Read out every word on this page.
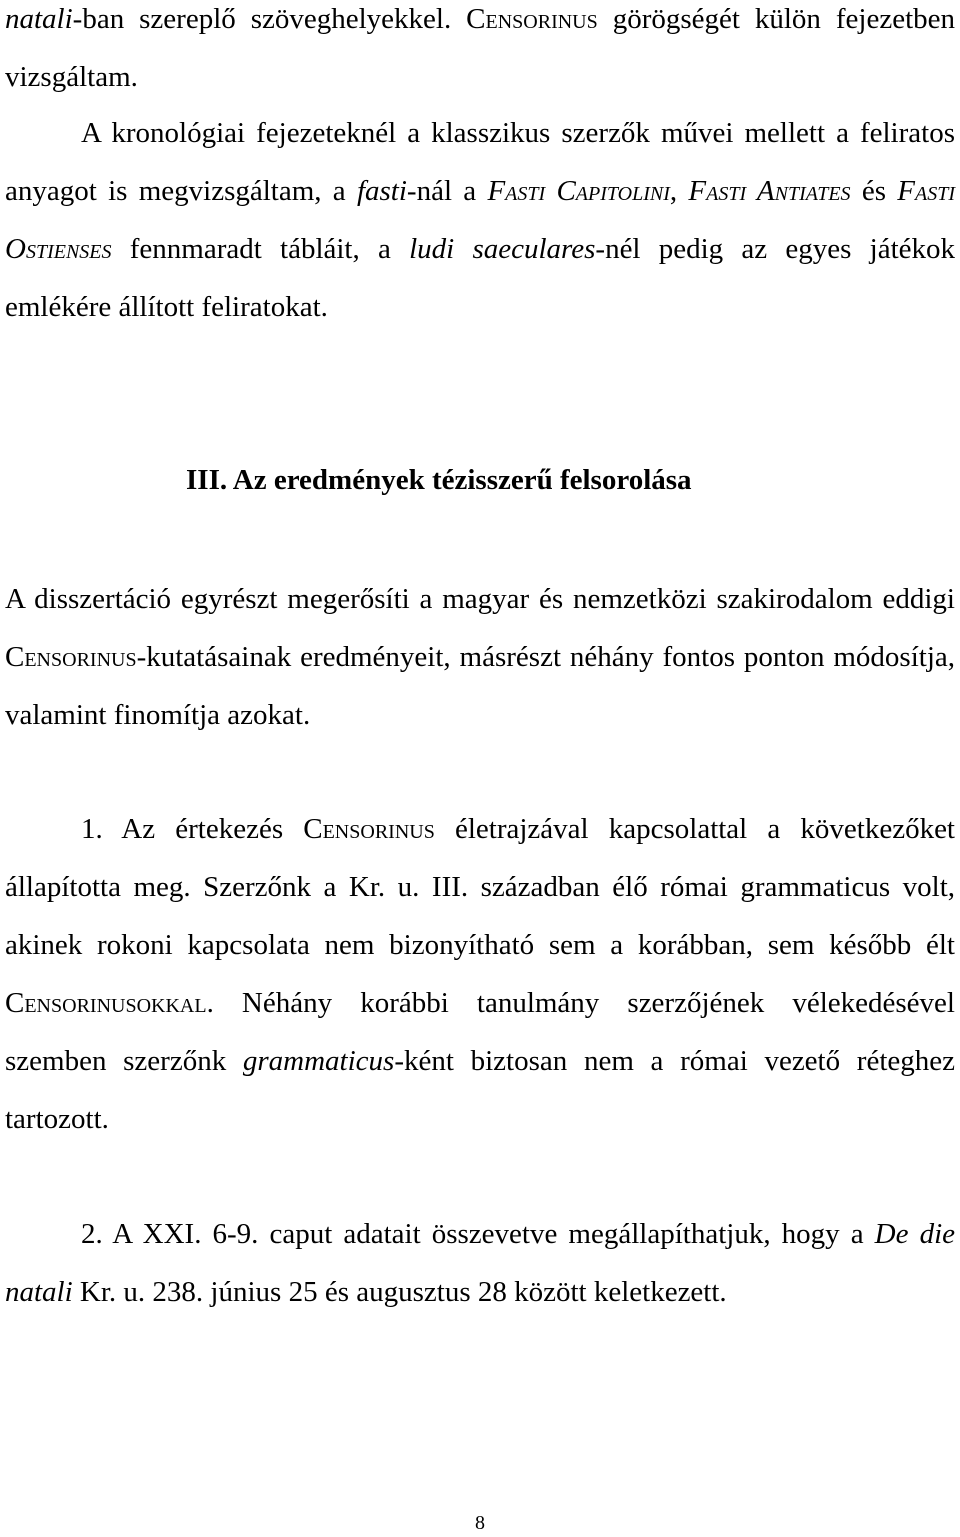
natali-ban szereplő szöveghelyekkel. Censorinus görögségét külön fejezetben vizsgáltam.

A kronológiai fejezeteknél a klasszikus szerzők művei mellett a feliratos anyagot is megvizsgáltam, a fasti-nál a Fasti Capitolini, Fasti Antiates és Fasti Ostienses fennmaradt tábláit, a ludi saeculares-nél pedig az egyes játékok emlékére állított feliratokat.

III. Az eredmények tézisszerű felsorolása

A disszertáció egyrészt megerősíti a magyar és nemzetközi szakirodalom eddigi Censorinus-kutatásainak eredményeit, másrészt néhány fontos ponton módosítja, valamint finomítja azokat.

1. Az értekezés Censorinus életrajzával kapcsolattal a következőket állapította meg. Szerzőnk a Kr. u. III. században élő római grammaticus volt, akinek rokoni kapcsolata nem bizonyítható sem a korábban, sem később élt Censorinusokkal. Néhány korábbi tanulmány szerzőjének vélekedésével szemben szerzőnk grammaticus-ként biztosan nem a római vezető réteghez tartozott.

2. A XXI. 6-9. caput adatait összevetve megállapíthatjuk, hogy a De die natali Kr. u. 238. június 25 és augusztus 28 között keletkezett.

8
